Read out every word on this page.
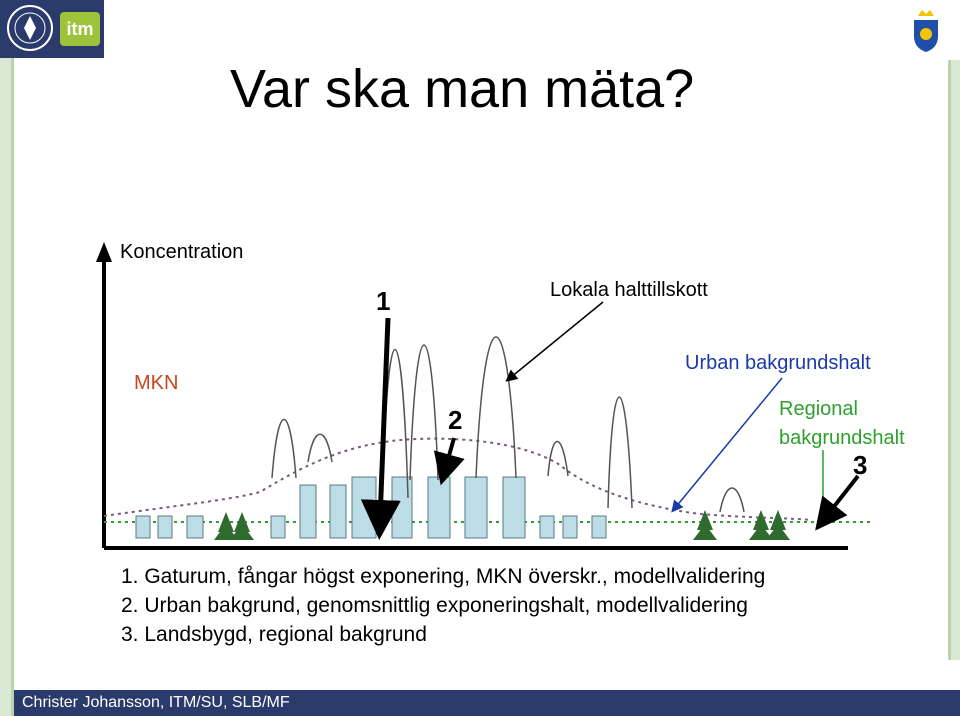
itm
Var ska man mäta?
Koncentration
Lokala halttillskott
MKN
Urban bakgrundshalt
Regional
bakgrundshalt
1
2
3
1. Gaturum, fångar högst exponering, MKN överskr., modellvalidering
2. Urban bakgrund, genomsnittlig exponeringshalt, modellvalidering
3. Landsbygd, regional bakgrund
Christer Johansson, ITM/SU, SLB/MF
